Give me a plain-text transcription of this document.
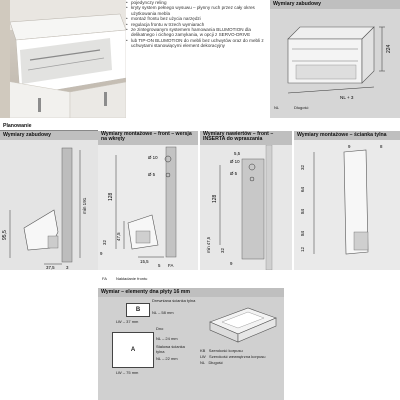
• pojedynczy reling
• kryty system pełnego wysuwu – płynny ruch przez cały okres użytkowania mebla
• montaż frontu bez użycia narzędzi
• regulacja frontu w trzech wymiarach
• ze zintegrowanym systemem hamowania BLUMOTION dla delikatnego i cichego zamykania, w opcji z SERVO-DRIVE
• lub TIP-ON BLUMOTION do mebli bez uchwytów oraz do mebli z uchwytami stanowiącymi element dekoracyjny
Wymiary zabudowy
224
NL + 3
NL	Długość
Planowanie
Wymiary zabudowy	Wymiary montażowe – front – wersja na wkręty
Wymiary nawiertów – front – INSERTA do wpraszania
Wymiary montażowe – ścianka tylna
95,5
min 191
37,5	3
Ø 10
Ø 5
128
47,5
32
9
15,5
FA
5
Ø 10
Ø 5
128
min 47,5 32
5,5
9
32
64
84
84
12
9	8
FA Nakładanie frontu
Wymiar – elementy dna płyty 16 mm
B
Drewniana ścianka tylna
NL – 58 mm
LW – 37 mm
A
Dno
NL – 24 mm
Stalowa ścianka tylna
NL – 22 mm
LW – 75 mm
KB Szerokość korpusu
LW Szerokość wewnętrzna korpusu
NL Długość
